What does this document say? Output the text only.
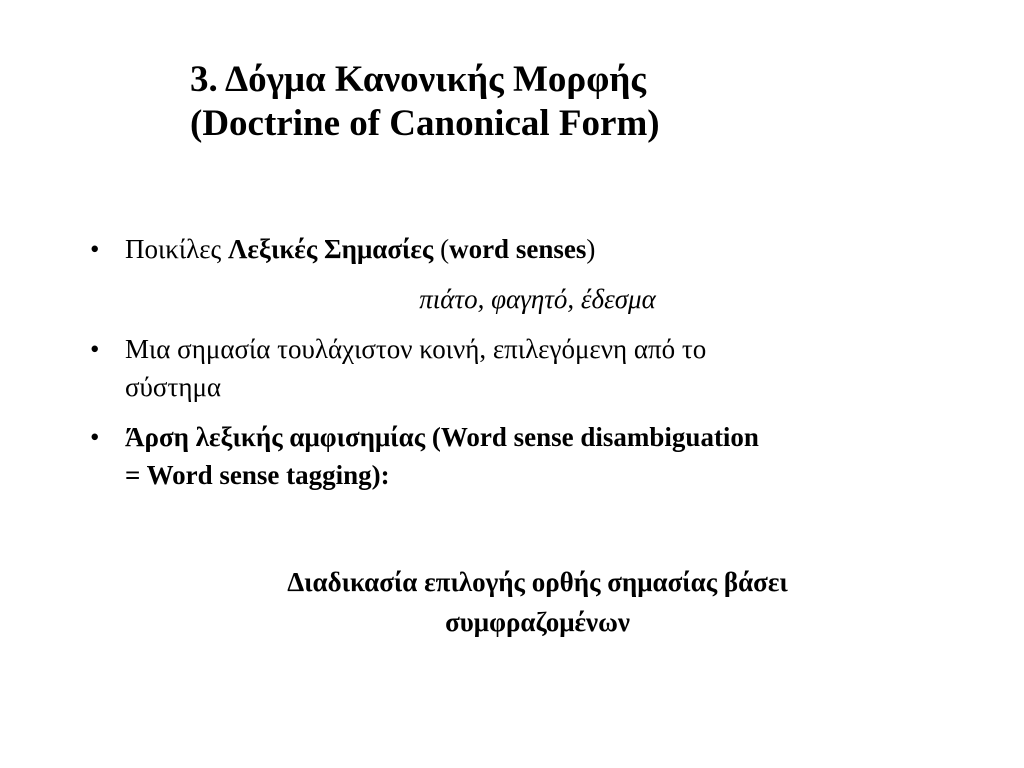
3. Δόγμα Κανονικής Μορφής
(Doctrine of Canonical Form)
• Ποικίλες Λεξικές Σημασίες (word senses)
πιάτο, φαγητό, έδεσμα
• Μια σημασία τουλάχιστον κοινή, επιλεγόμενη από το
σύστημα
• Άρση λεξικής αμφισημίας (Word sense disambiguation
= Word sense tagging):
Διαδικασία επιλογής ορθής σημασίας βάσει
συμφραζομένων
